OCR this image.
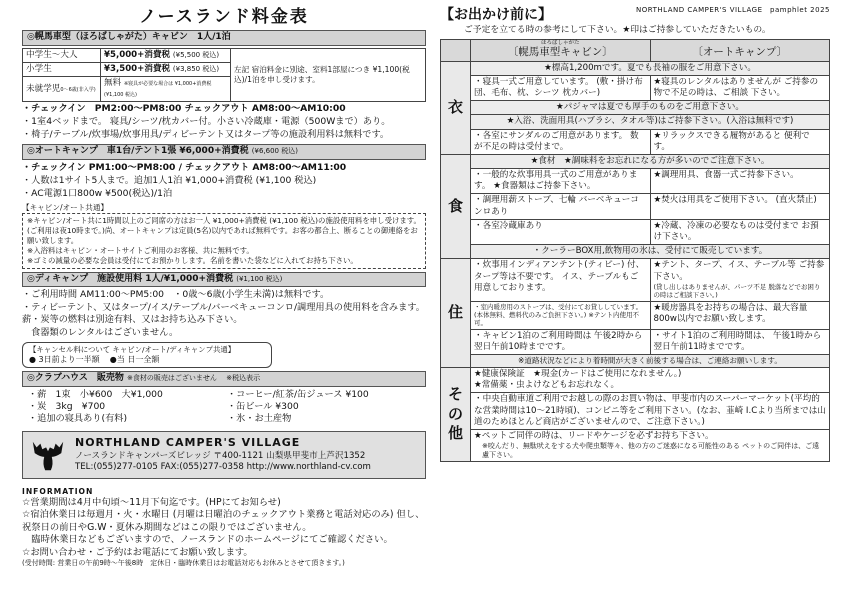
ノースランド料金表
◎幌馬車型（ほろばしゃがた）キャビン　1人/1泊
中学生〜大人	¥5,000+消費税 (¥5,500 税込)	左記 宿泊料金に別途、室料1部屋につき ¥1,100(税込)/1泊を申し受けます。
小学生	¥3,500+消費税 (¥3,850 税込)	
未就学児0〜6歳(非入学)	無料 ※寝具が必要な場合は ¥1,000+消費税(¥1,100 税込)	
・チェックイン　PM2:00〜PM8:00 チェックアウト AM8:00〜AM10:00
・1室4ベッドまで。 寝具/シーツ/枕カバー付。小さい冷蔵庫・電源（500Wまで）あり。
・椅子/テーブル/炊事場/炊事用具/ディビーテント又はタープ等の施設利用料は無料です。
◎オートキャンプ　車1台/テント1張 ¥6,000+消費税 (¥6,600 税込)
・チェックイン PM1:00〜PM8:00 / チェックアウト AM8:00〜AM11:00
・人数は1サイト5人まで。追加1人1泊 ¥1,000+消費税 (¥1,100 税込)
・AC電源1口800w ¥500(税込)/1泊
【キャビン/オート共通】
※キャビン/オート共に1時間以上のご同席の方はお一人 ¥1,000+消費税 (¥1,100 税込)の施設使用料を申し受けます。(ご利用は夜10時まで。)尚、オートキャンプは定員(5名)以内であれば無料です。お客の都合上、断ることの御連絡をお願い致します。
※入浴料はキャビン・オートサイトご利用のお客様、共に無料です。
※ゴミの減量の必要な会員は受付にてお預かりします。名前を書いた袋などに入れてお持ち下さい。
◎ディキャンプ　施設使用料 1人/¥1,000+消費税 (¥1,100 税込)
・ご利用時間 AM11:00〜PM5:00　・0歳〜6歳(小学生未満)は無料です。
・ティビーテント、又はタープ/イス/テーブル/バーベキューコンロ/調理用具の使用料を含みます。薪・炭等の燃料は別途有料、又はお持ち込み下さい。
　食器類のレンタルはございません。
【キャンセル料について キャビン/オート/ディキャンプ共通】
● 3日前より一半額 ●当 日一全額
◎クラブハウス　販売物 ※食材の販売はございません ※税込表示
・薪　1束　小¥600　大¥1,000
・炭　3kg　¥700
・追加の寝具あり(有料)
・コーヒー/紅茶/缶ジュース ¥100
・缶ビール ¥300
・氷・お土産物
NORTHLAND CAMPER'S VILLAGE
ノースランドキャンパーズビレッジ 〒400-1121 山梨県甲斐市上芦沢1352
TEL:(055)277-0105 FAX:(055)277-0358 http://www.northland-cv.com
INFORMATION
☆営業期間は4月中旬頃〜11月下旬迄です。(HPにてお知らせ)
☆宿泊休業日は毎週月・火・水曜日 (月曜は日曜泊のチェックアウト業務と電話対応のみ) 但し、祝祭日の前日やG.W・夏休み期間などはこの限りではございません。
　臨時休業日などもございますので、ノースランドのホームページにてご確認ください。
☆お問い合わせ・ご予約はお電話にてお願い致します。
(受付時間: 営業日の午前9時〜午後8時　定休日・臨時休業日はお電話対応もお休みとさせて頂きます。)
【お出かけ前に】	NORTHLAND CAMPER'S VILLAGE　pamphlet 2025
ご予定を立てる時の参考にして下さい。★印はご持参していただきたいもの。

	ほろばしゃがた
〔幌馬車型キャビン〕	〔オートキャンプ〕
衣	★標高1,200mです。夏でも長袖の服をご用意下さい。	
	・寝具一式ご用意しています。 (敷・掛け布団、毛布、枕、シーツ 枕カバー)	★寝具のレンタルはありませんが ご持参の物で不足の時は、ご相談 下さい。
	★パジャマは夏でも厚手のものをご用意下さい。	
	★入浴、洗面用具(ハブラシ、タオル等)はご持参下さい。(入浴は無料です)	
	・各室にサンダルのご用意があります。 数が不足の時は受付まで。	★リラックスできる履物があると 便利です。
食	★食材　★調味料をお忘れになる方が多いのでご注意下さい。	
	・一般的な炊事用具一式のご用意があります。 ★食器類はご持参下さい。	★調理用具、食器一式ご持参下さい。
	・調理用薪ストーブ、七輪 バーベキューコンロあり	★焚火は用具をご使用下さい。 (直火禁止)
	・各室冷蔵庫あり	★冷蔵、冷凍の必要なものは受付まで お預け下さい。
	・クーラーBOX用,飲物用の氷は、受付にて販売しています。	
住	・炊事用インディアンテント(ティピー) 付、タープ等は不要です。 イス、テーブルもご用意しております。	★テント、タープ、イス、テーブル等 ご持参下さい。
(貸し出しはありませんが、パーツ不足 脱落などでお困りの時はご相談下さい。)

	・室内暖房用のストーブは、受付にてお貸ししています。(本体無料、燃料代のみご負担下さい。) ※テント内使用不可。	★暖房器具をお持ちの場合は、最大容量 800w以内でお願い致します。
	・キャビン1泊のご利用時間は 午後2時から翌日午前10時までです。	・サイト1泊のご利用時間は、 午後1時から翌日午前11時までです。
	※道路状況などにより着時間が大きく前後する場合は、ご連絡お願いします。	
その他	★健康保険証　★現金(カードはご使用になれません。)
★常備薬・虫よけなどもお忘れなく。	

	・中央自動車道ご利用でお越しの際のお買い物は、甲斐市内のスーパーマーケット(平均的な営業時間は10〜21時頃)、コンビニ等をご利用下さい。(なお、韮崎 I.Cより当所までは山道のためほとんど商店がございませんので、ご注意下さい。)	

	★ペットご同伴の時は、リードやケージを必ずお持ち下さい。
※咬んだり、無駄吠えをする犬や爬虫類等々、他の方のご迷惑になる可能性のある ペットのご同伴は、ご遠慮下さい。	
